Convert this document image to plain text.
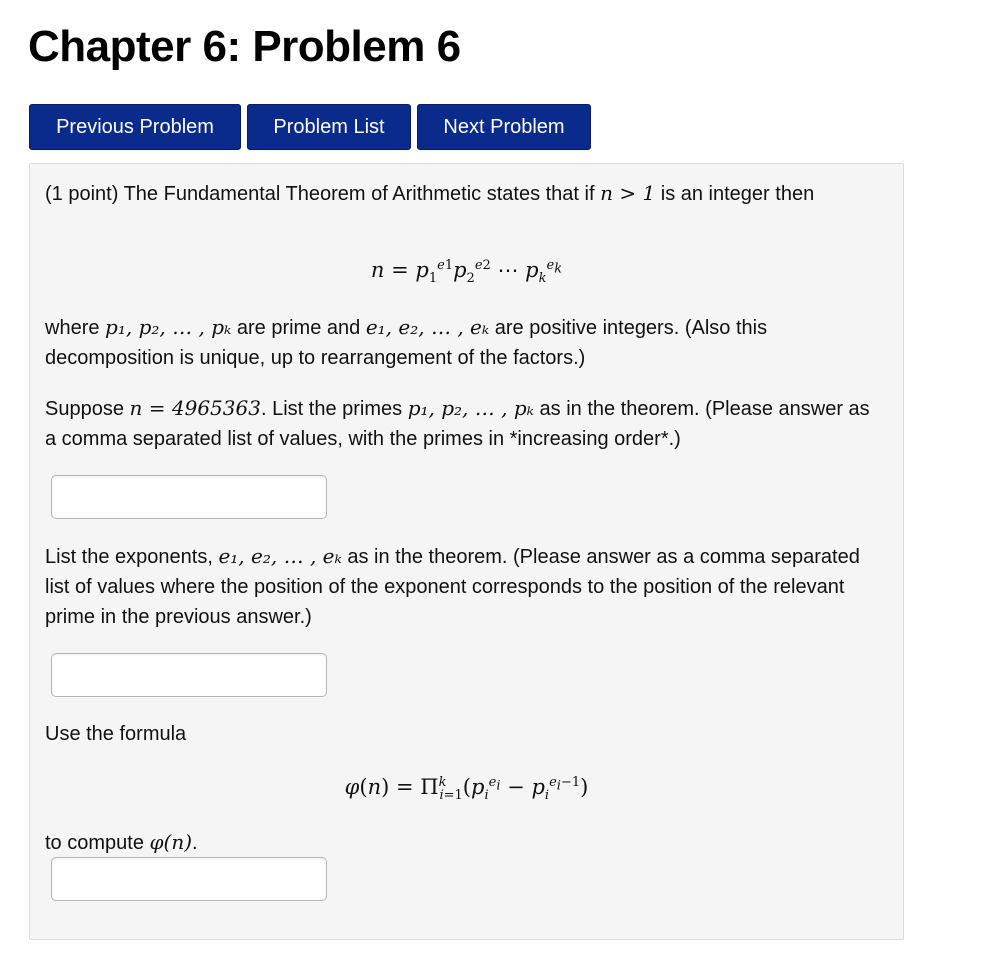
Chapter 6: Problem 6
Previous Problem	Problem List	Next Problem
(1 point) The Fundamental Theorem of Arithmetic states that if n > 1 is an integer then
$n = p_1^{e1}p_2^{e2}$ ⋯ $p_k^{e_k}$
where p₁, p₂, … , pₖ are prime and e₁, e₂, … , eₖ are positive integers. (Also this decomposition is unique, up to rearrangement of the factors.)
Suppose n = 4965363. List the primes p₁, p₂, … , pₖ as in the theorem. (Please answer as a comma separated list of values, with the primes in *increasing order*.)
List the exponents, e₁, e₂, … , eₖ as in the theorem. (Please answer as a comma separated list of values where the position of the exponent corresponds to the position of the relevant prime in the previous answer.)
Use the formula
$\varphi(n) = \Pi^k_{i=1}(p_i^{e_i} - p_i^{e_i-1})$
to compute φ(n).
